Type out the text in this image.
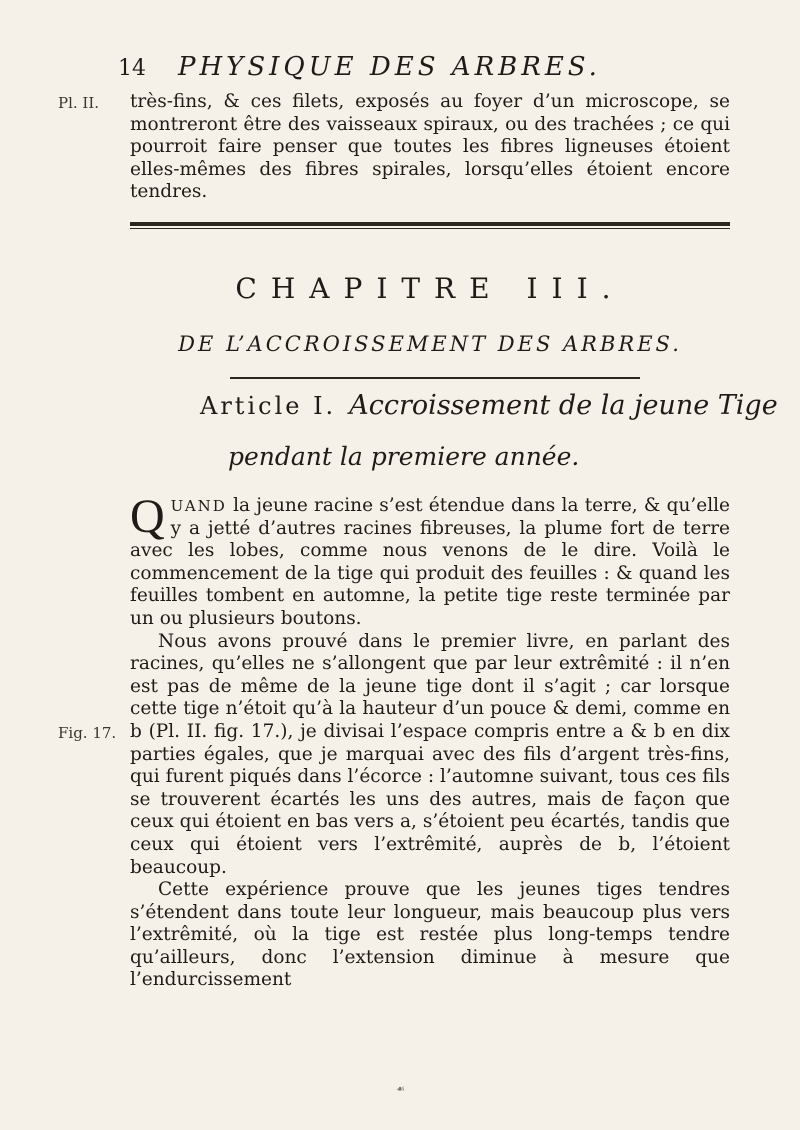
14 PHYSIQUE DES ARBRES.
Pl. II. très-fins, & ces filets, exposés au foyer d’un microscope, se montreront être des vaisseaux spiraux, ou des trachées ; ce qui pourroit faire penser que toutes les fibres ligneuses étoient elles-mêmes des fibres spirales, lorsqu’elles étoient encore tendres.

CHAPITRE III.
DE L’ACCROISSEMENT DES ARBRES.
Article I. Accroissement de la jeune Tige
pendant la premiere année.

QUAND la jeune racine s’est étendue dans la terre, & qu’elle y a jetté d’autres racines fibreuses, la plume fort de terre avec les lobes, comme nous venons de le dire. Voilà le commencement de la tige qui produit des feuilles : & quand les feuilles tombent en automne, la petite tige reste terminée par un ou plusieurs boutons.

Nous avons prouvé dans le premier livre, en parlant des racines, qu’elles ne s’allongent que par leur extrêmité : il n’en est pas de même de la jeune tige dont il s’agit ; car lorsque cette tige n’étoit qu’à la hauteur d’un pouce & demi, comme en b (Pl. II. fig. 17.), je divisai l’espace compris entre a & b en dix parties égales, que je marquai avec des fils d’argent très-fins, qui furent piqués dans l’écorce : l’automne suivant, tous ces fils se trouverent écartés les uns des autres, mais de façon que ceux qui étoient en bas vers a, s’étoient peu écartés, tandis que ceux qui étoient vers l’extrêmité, auprès de b, l’étoient beaucoup.

Cette expérience prouve que les jeunes tiges tendres s’étendent dans toute leur longueur, mais beaucoup plus vers l’extrêmité, où la tige est restée plus long-temps tendre qu’ailleurs, donc l’extension diminue à mesure que l’endurcissement

Fig. 17.
☙
